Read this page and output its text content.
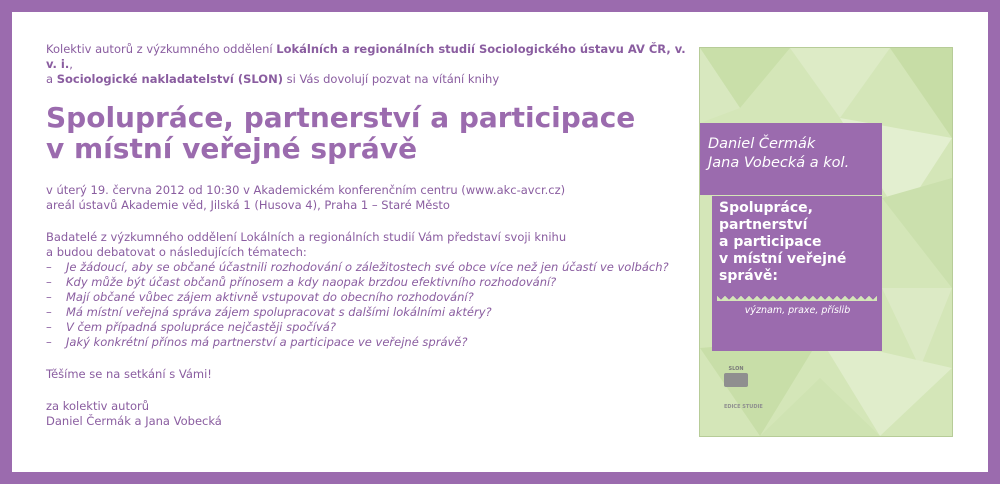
Kolektiv autorů z výzkumného oddělení Lokálních a regionálních studií Sociologického ústavu AV ČR, v. v. i.,
a Sociologické nakladatelství (SLON) si Vás dovolují pozvat na vítání knihy
Spolupráce, partnerství a participace
v místní veřejné správě
v úterý 19. června 2012 od 10:30 v Akademickém konferenčním centru (www.akc-avcr.cz)
areál ústavů Akademie věd, Jilská 1 (Husova 4), Praha 1 – Staré Město
Badatelé z výzkumného oddělení Lokálních a regionálních studií Vám představí svoji knihu
a budou debatovat o následujících tématech:
– Je žádoucí, aby se občané účastnili rozhodování o záležitostech své obce více než jen účastí ve volbách?
– Kdy může být účast občanů přínosem a kdy naopak brzdou efektivního rozhodování?
– Mají občané vůbec zájem aktivně vstupovat do obecního rozhodování?
– Má místní veřejná správa zájem spolupracovat s dalšími lokálními aktéry?
– V čem případná spolupráce nejčastěji spočívá?
– Jaký konkrétní přínos má partnerství a participace ve veřejné správě?
Těšíme se na setkání s Vámi!
za kolektiv autorů
Daniel Čermák a Jana Vobecká
Daniel Čermák
Jana Vobecká a kol.
Spolupráce,
partnerství
a participace
v místní veřejné
správě:
význam, praxe, příslib
SLON
EDICE STUDIE
